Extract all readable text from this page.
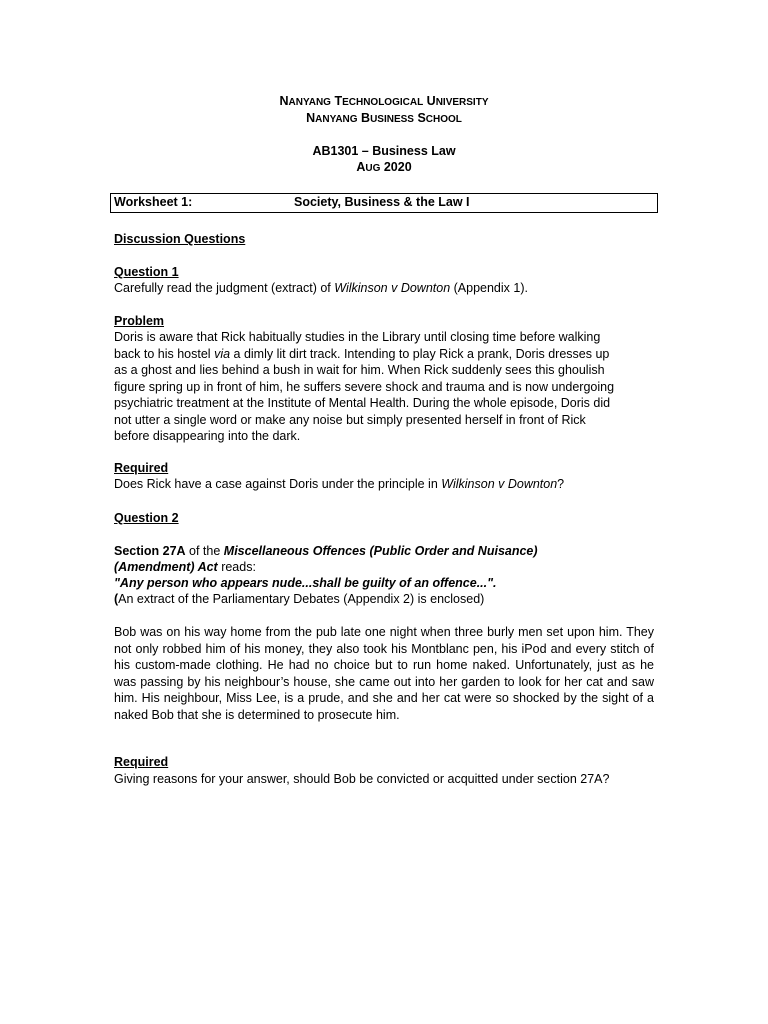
NANYANG TECHNOLOGICAL UNIVERSITY
NANYANG BUSINESS SCHOOL
AB1301 – Business Law
AUG 2020
Worksheet 1:	Society, Business & the Law I
Discussion Questions
Question 1
Carefully read the judgment (extract) of Wilkinson v Downton (Appendix 1).
Problem
Doris is aware that Rick habitually studies in the Library until closing time before walking
back to his hostel via a dimly lit dirt track. Intending to play Rick a prank, Doris dresses up
as a ghost and lies behind a bush in wait for him. When Rick suddenly sees this ghoulish
figure spring up in front of him, he suffers severe shock and trauma and is now undergoing
psychiatric treatment at the Institute of Mental Health. During the whole episode, Doris did
not utter a single word or make any noise but simply presented herself in front of Rick
before disappearing into the dark.
Required
Does Rick have a case against Doris under the principle in Wilkinson v Downton?
Question 2
Section 27A of the Miscellaneous Offences (Public Order and Nuisance)
(Amendment) Act reads:
"Any person who appears nude...shall be guilty of an offence...".
(An extract of the Parliamentary Debates (Appendix 2) is enclosed)
Bob was on his way home from the pub late one night when three burly men set upon him. They not only robbed him of his money, they also took his Montblanc pen, his iPod and every stitch of his custom-made clothing. He had no choice but to run home naked. Unfortunately, just as he was passing by his neighbour’s house, she came out into her garden to look for her cat and saw him. His neighbour, Miss Lee, is a prude, and she and her cat were so shocked by the sight of a naked Bob that she is determined to prosecute him.
Required
Giving reasons for your answer, should Bob be convicted or acquitted under section 27A?
